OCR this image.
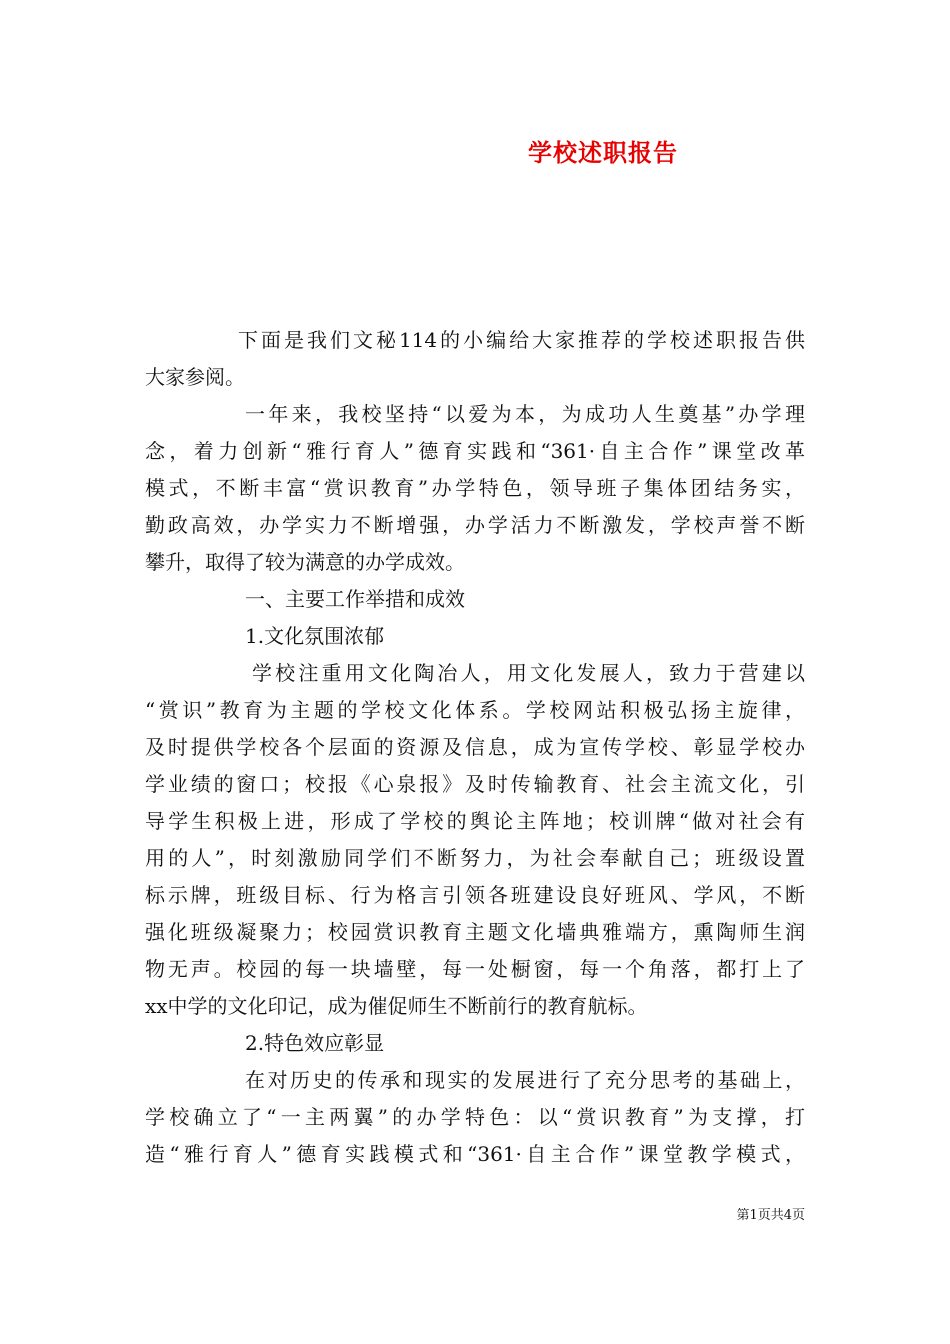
学校述职报告
下面是我们文秘114的小编给大家推荐的学校述职报告供
大家参阅。
一年来，我校坚持“以爱为本，为成功人生奠基”办学理
念，着力创新“雅行育人”德育实践和“361·自主合作”课堂改革
模式，不断丰富“赏识教育”办学特色，领导班子集体团结务实，
勤政高效，办学实力不断增强，办学活力不断激发，学校声誉不断
攀升，取得了较为满意的办学成效。
一、主要工作举措和成效
1.文化氛围浓郁
学校注重用文化陶冶人，用文化发展人，致力于营建以
“赏识”教育为主题的学校文化体系。学校网站积极弘扬主旋律，
及时提供学校各个层面的资源及信息，成为宣传学校、彰显学校办
学业绩的窗口；校报《心泉报》及时传输教育、社会主流文化，引
导学生积极上进，形成了学校的舆论主阵地；校训牌“做对社会有
用的人”，时刻激励同学们不断努力，为社会奉献自己；班级设置
标示牌，班级目标、行为格言引领各班建设良好班风、学风，不断
强化班级凝聚力；校园赏识教育主题文化墙典雅端方，熏陶师生润
物无声。校园的每一块墙壁，每一处橱窗，每一个角落，都打上了
xx中学的文化印记，成为催促师生不断前行的教育航标。
2.特色效应彰显
在对历史的传承和现实的发展进行了充分思考的基础上，
学校确立了“一主两翼”的办学特色：以“赏识教育”为支撑，打
造“雅行育人”德育实践模式和“361·自主合作”课堂教学模式，
第1页共4页
